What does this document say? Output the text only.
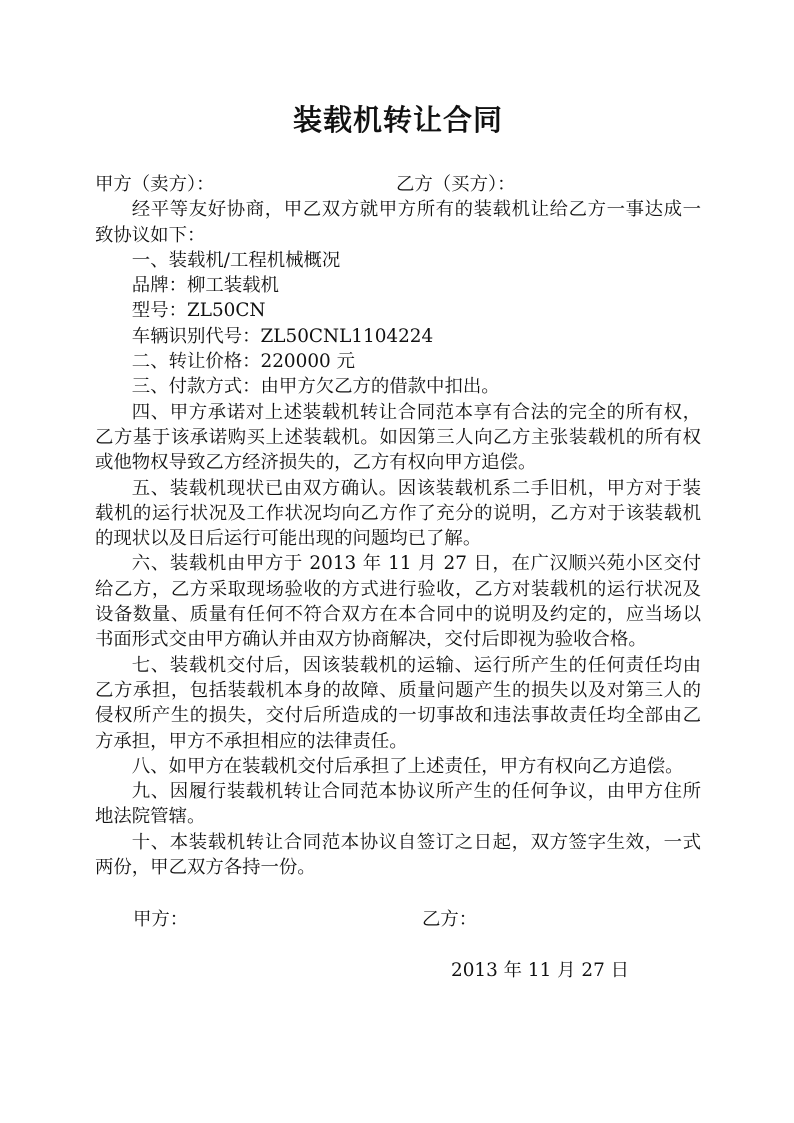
装载机转让合同
甲方（卖方）：	乙方（买方）：

经平等友好协商，甲乙双方就甲方所有的装载机让给乙方一事达成一致协议如下：

一、装载机/工程机械概况
品牌：柳工装载机
型号：ZL50CN
车辆识别代号：ZL50CNL1104224
二、转让价格：220000 元
三、付款方式：由甲方欠乙方的借款中扣出。

四、甲方承诺对上述装载机转让合同范本享有合法的完全的所有权，乙方基于该承诺购买上述装载机。如因第三人向乙方主张装载机的所有权或他物权导致乙方经济损失的，乙方有权向甲方追偿。

五、装载机现状已由双方确认。因该装载机系二手旧机，甲方对于装载机的运行状况及工作状况均向乙方作了充分的说明，乙方对于该装载机的现状以及日后运行可能出现的问题均已了解。

六、装载机由甲方于 2013 年 11 月 27 日，在广汉顺兴苑小区交付给乙方，乙方采取现场验收的方式进行验收，乙方对装载机的运行状况及设备数量、质量有任何不符合双方在本合同中的说明及约定的，应当场以书面形式交由甲方确认并由双方协商解决，交付后即视为验收合格。

七、装载机交付后，因该装载机的运输、运行所产生的任何责任均由乙方承担，包括装载机本身的故障、质量问题产生的损失以及对第三人的侵权所产生的损失，交付后所造成的一切事故和违法事故责任均全部由乙方承担，甲方不承担相应的法律责任。

八、如甲方在装载机交付后承担了上述责任，甲方有权向乙方追偿。

九、因履行装载机转让合同范本协议所产生的任何争议，由甲方住所地法院管辖。

十、本装载机转让合同范本协议自签订之日起，双方签字生效，一式两份，甲乙双方各持一份。

甲方：	乙方：
2013 年 11 月 27 日
